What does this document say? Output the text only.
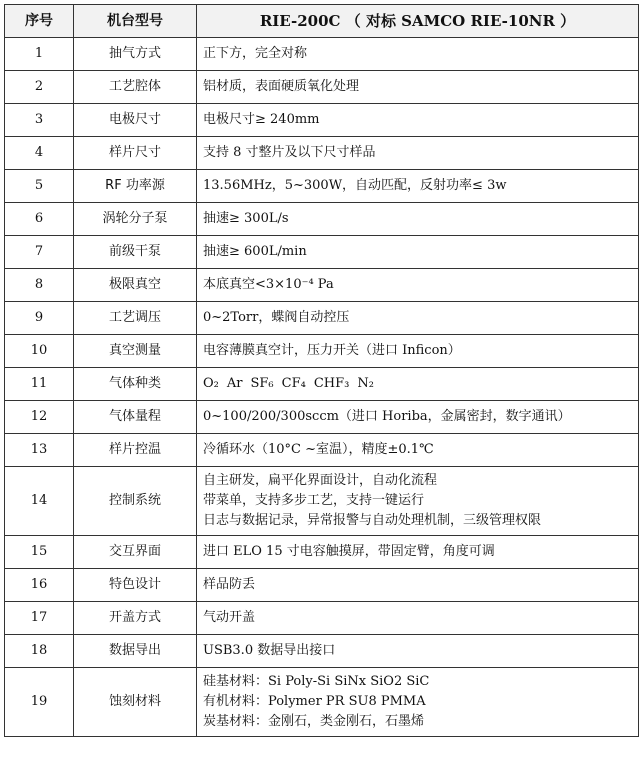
序号	机台型号	RIE-200C （ 对标 SAMCO RIE-10NR ）
1	抽气方式	正下方，完全对称

2	工艺腔体	铝材质，表面硬质氧化处理

3	电极尺寸	电极尺寸≥ 240mm

4	样片尺寸	支持 8 寸整片及以下尺寸样品

5	RF 功率源	13.56MHz，5~300W，自动匹配，反射功率≤ 3w

6	涡轮分子泵	抽速≥ 300L/s

7	前级干泵	抽速≥ 600L/min

8	极限真空	本底真空<3×10⁻⁴ Pa

9	工艺调压	0~2Torr，蝶阀自动控压

10	真空测量	电容薄膜真空计，压力开关（进口 Inficon）

11	气体种类	O₂ Ar SF₆ CF₄ CHF₃ N₂
12	气体量程	0~100/200/300sccm（进口 Horiba，金属密封，数字通讯）

13	样片控温	冷循环水（10°C ~室温），精度±0.1℃

14	控制系统	自主研发，扁平化界面设计，自动化流程
带菜单，支持多步工艺，支持一键运行
日志与数据记录，异常报警与自动处理机制，三级管理权限

15	交互界面	进口 ELO 15 寸电容触摸屏，带固定臂，角度可调

16	特色设计	样品防丢

17	开盖方式	气动开盖

18	数据导出	USB3.0 数据导出接口

19	蚀刻材料	硅基材料：Si Poly-Si SiNx SiO2 SiC
有机材料：Polymer PR SU8 PMMA
炭基材料：金刚石，类金刚石，石墨烯
